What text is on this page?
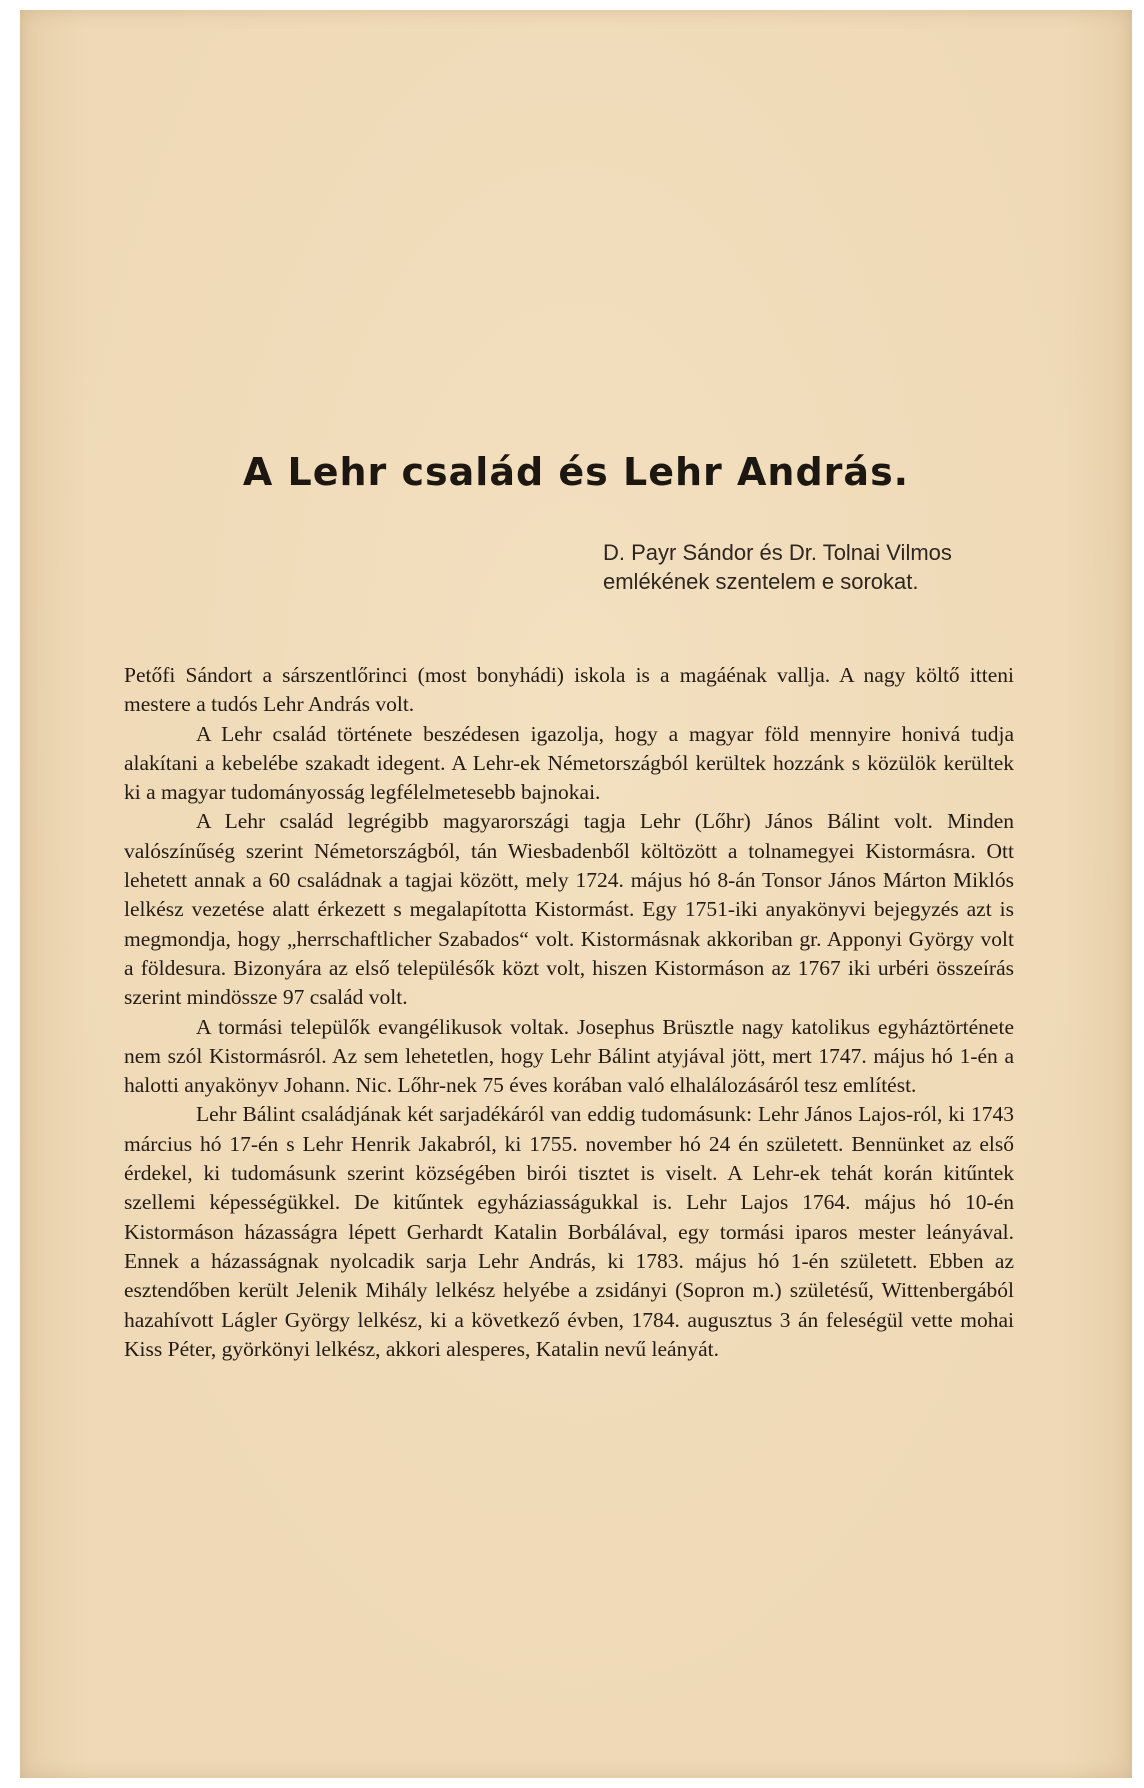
A Lehr család és Lehr András.

D. Payr Sándor és Dr. Tolnai Vilmos emlékének szentelem e sorokat.

Petőfi Sándort a sárszentlőrinci (most bonyhádi) iskola is a magáénak vallja. A nagy költő itteni mestere a tudós Lehr András volt.

A Lehr család története beszédesen igazolja, hogy a magyar föld mennyire honivá tudja alakítani a kebelébe szakadt idegent. A Lehr-ek Németországból kerültek hozzánk s közülök kerültek ki a magyar tudományosság legfélelmetesebb bajnokai.

A Lehr család legrégibb magyarországi tagja Lehr (Lőhr) János Bálint volt. Minden valószínűség szerint Németországból, tán Wiesbadenből költözött a tolnamegyei Kistormásra. Ott lehetett annak a 60 családnak a tagjai között, mely 1724. május hó 8-án Tonsor János Márton Miklós lelkész vezetése alatt érkezett s megalapította Kistormást. Egy 1751-iki anyakönyvi bejegyzés azt is megmondja, hogy „herrschaftlicher Szabados“ volt. Kistormásnak akkoriban gr. Apponyi György volt a földesura. Bizonyára az első településők közt volt, hiszen Kistormáson az 1767 iki urbéri összeírás szerint mindössze 97 család volt.

A tormási települők evangélikusok voltak. Josephus Brüsztle nagy katolikus egyháztörténete nem szól Kistormásról. Az sem lehetetlen, hogy Lehr Bálint atyjával jött, mert 1747. május hó 1-én a halotti anyakönyv Johann. Nic. Lőhr-nek 75 éves korában való elhalálozásáról tesz említést.

Lehr Bálint családjának két sarjadékáról van eddig tudomásunk: Lehr János Lajos-ról, ki 1743 március hó 17-én s Lehr Henrik Jakabról, ki 1755. november hó 24 én született. Bennünket az első érdekel, ki tudomásunk szerint községében birói tisztet is viselt. A Lehr-ek tehát korán kitűntek szellemi képességükkel. De kitűntek egyháziasságukkal is. Lehr Lajos 1764. május hó 10-én Kistormáson házasságra lépett Gerhardt Katalin Borbálával, egy tormási iparos mester leányával. Ennek a házasságnak nyolcadik sarja Lehr András, ki 1783. május hó 1-én született. Ebben az esztendőben került Jelenik Mihály lelkész helyébe a zsidányi (Sopron m.) születésű, Wittenbergából hazahívott Lágler György lelkész, ki a következő évben, 1784. augusztus 3 án feleségül vette mohai Kiss Péter, györkönyi lelkész, akkori alesperes, Katalin nevű leányát.
